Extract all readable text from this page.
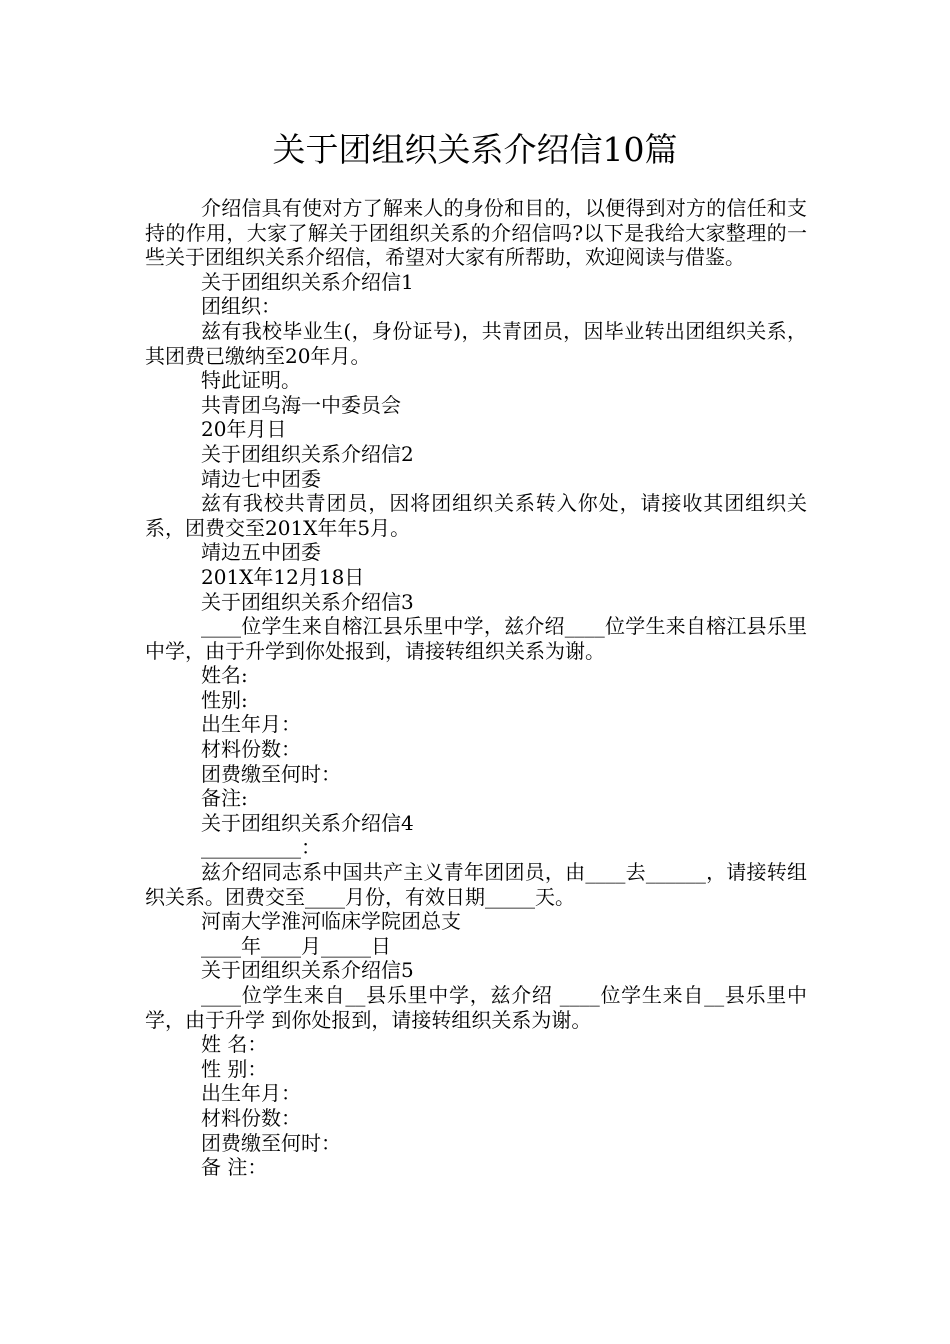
关于团组织关系介绍信10篇

介绍信具有使对方了解来人的身份和目的，以便得到对方的信任和支持的作用，大家了解关于团组织关系的介绍信吗?以下是我给大家整理的一些关于团组织关系介绍信，希望对大家有所帮助，欢迎阅读与借鉴。

关于团组织关系介绍信1

团组织：

兹有我校毕业生(，身份证号)，共青团员，因毕业转出团组织关系，其团费已缴纳至20年月。

特此证明。

共青团乌海一中委员会

20年月日

关于团组织关系介绍信2

靖边七中团委

兹有我校共青团员，因将团组织关系转入你处，请接收其团组织关系，团费交至201X年年5月。

靖边五中团委

201X年12月18日

关于团组织关系介绍信3

____位学生来自榕江县乐里中学，兹介绍____位学生来自榕江县乐里中学，由于升学到你处报到，请接转组织关系为谢。

姓名:

性别:

出生年月：

材料份数：

团费缴至何时：

备注:

关于团组织关系介绍信4

__________：

兹介绍同志系中国共产主义青年团团员，由____去______，请接转组织关系。团费交至____月份，有效日期_____天。

河南大学淮河临床学院团总支

____年____月_____日

关于团组织关系介绍信5

____位学生来自__县乐里中学，兹介绍 ____位学生来自__县乐里中学，由于升学 到你处报到，请接转组织关系为谢。

姓 名：

性 别：

出生年月：

材料份数：

团费缴至何时：

备 注：
